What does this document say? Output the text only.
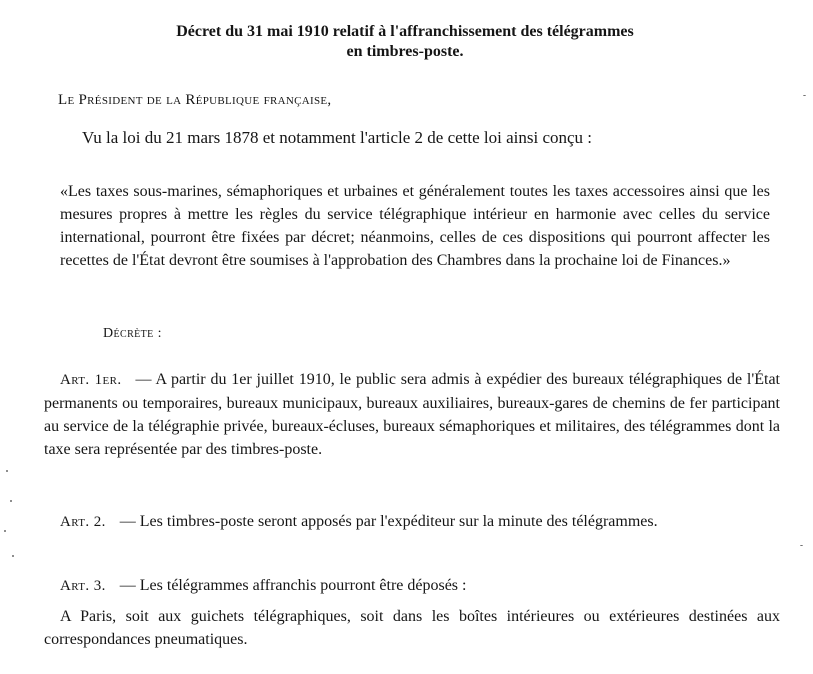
Décret du 31 mai 1910 relatif à l'affranchissement des télégrammes
en timbres-poste.
Le Président de la République française,
Vu la loi du 21 mars 1878 et notamment l'article 2 de cette loi ainsi conçu :
«Les taxes sous-marines, sémaphoriques et urbaines et généralement toutes les taxes accessoires ainsi que les mesures propres à mettre les règles du service télégraphique intérieur en harmonie avec celles du service international, pourront être fixées par décret; néanmoins, celles de ces dispositions qui pourront affecter les recettes de l'État devront être soumises à l'approbation des Chambres dans la prochaine loi de Finances.»
Décrète :
Art. 1er. — A partir du 1er juillet 1910, le public sera admis à expédier des bureaux télégraphiques de l'État permanents ou temporaires, bureaux municipaux, bureaux auxiliaires, bureaux-gares de chemins de fer participant au service de la télégraphie privée, bureaux-écluses, bureaux sémaphoriques et militaires, des télégrammes dont la taxe sera représentée par des timbres-poste.
Art. 2. — Les timbres-poste seront apposés par l'expéditeur sur la minute des télégrammes.
Art. 3. — Les télégrammes affranchis pourront être déposés :
A Paris, soit aux guichets télégraphiques, soit dans les boîtes intérieures ou extérieures destinées aux correspondances pneumatiques.
